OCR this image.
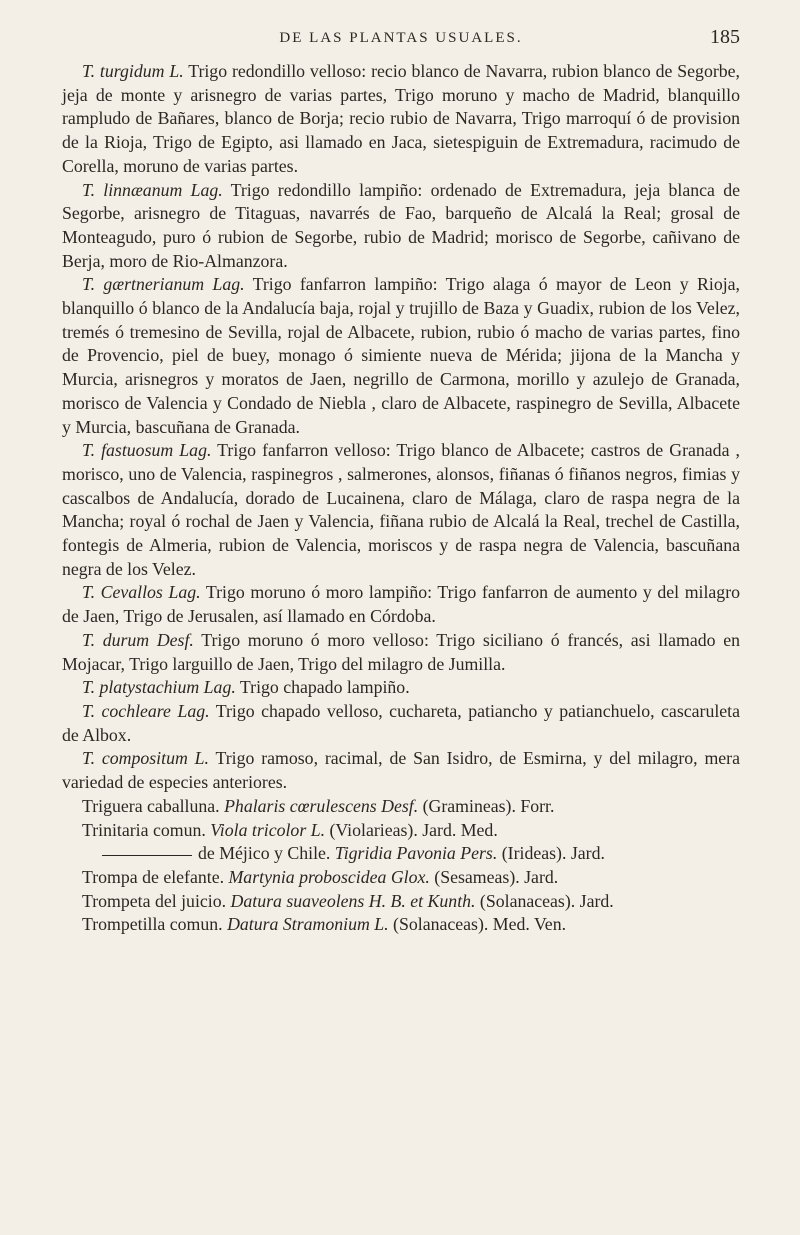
DE LAS PLANTAS USUALES.	185

T. turgidum L. Trigo redondillo velloso: recio blanco de Navarra, rubion blanco de Segorbe, jeja de monte y arisnegro de varias partes, Trigo moruno y macho de Madrid, blanquillo rampludo de Bañares, blanco de Borja; recio rubio de Navarra, Trigo marroquí ó de provision de la Rioja, Trigo de Egipto, asi llamado en Jaca, sietespiguin de Extremadura, racimudo de Corella, moruno de varias partes.

T. linnæanum Lag. Trigo redondillo lampiño: ordenado de Extremadura, jeja blanca de Segorbe, arisnegro de Titaguas, navarrés de Fao, barqueño de Alcalá la Real; grosal de Monteagudo, puro ó rubion de Segorbe, rubio de Madrid; morisco de Segorbe, cañivano de Berja, moro de Rio-Almanzora.

T. gærtnerianum Lag. Trigo fanfarron lampiño: Trigo alaga ó mayor de Leon y Rioja, blanquillo ó blanco de la Andalucía baja, rojal y trujillo de Baza y Guadix, rubion de los Velez, tremés ó tremesino de Sevilla, rojal de Albacete, rubion, rubio ó macho de varias partes, fino de Provencio, piel de buey, monago ó simiente nueva de Mérida; jijona de la Mancha y Murcia, arisnegros y moratos de Jaen, negrillo de Carmona, morillo y azulejo de Granada, morisco de Valencia y Condado de Niebla , claro de Albacete, raspinegro de Sevilla, Albacete y Murcia, bascuñana de Granada.

T. fastuosum Lag. Trigo fanfarron velloso: Trigo blanco de Albacete; castros de Granada , morisco, uno de Valencia, raspinegros , salmerones, alonsos, fiñanas ó fiñanos negros, fimias y cascalbos de Andalucía, dorado de Lucainena, claro de Málaga, claro de raspa negra de la Mancha; royal ó rochal de Jaen y Valencia, fiñana rubio de Alcalá la Real, trechel de Castilla, fontegis de Almeria, rubion de Valencia, moriscos y de raspa negra de Valencia, bascuñana negra de los Velez.

T. Cevallos Lag. Trigo moruno ó moro lampiño: Trigo fanfarron de aumento y del milagro de Jaen, Trigo de Jerusalen, así llamado en Córdoba.

T. durum Desf. Trigo moruno ó moro velloso: Trigo siciliano ó francés, asi llamado en Mojacar, Trigo larguillo de Jaen, Trigo del milagro de Jumilla.

T. platystachium Lag. Trigo chapado lampiño.

T. cochleare Lag. Trigo chapado velloso, cuchareta, patiancho y patianchuelo, cascaruleta de Albox.

T. compositum L. Trigo ramoso, racimal, de San Isidro, de Esmirna, y del milagro, mera variedad de especies anteriores.

Triguera caballuna. Phalaris cœrulescens Desf. (Gramineas). Forr.

Trinitaria comun. Viola tricolor L. (Violarieas). Jard. Med.

de Méjico y Chile. Tigridia Pavonia Pers. (Irideas). Jard.

Trompa de elefante. Martynia proboscidea Glox. (Sesameas). Jard.

Trompeta del juicio. Datura suaveolens H. B. et Kunth. (Solanaceas). Jard.

Trompetilla comun. Datura Stramonium L. (Solanaceas). Med. Ven.
